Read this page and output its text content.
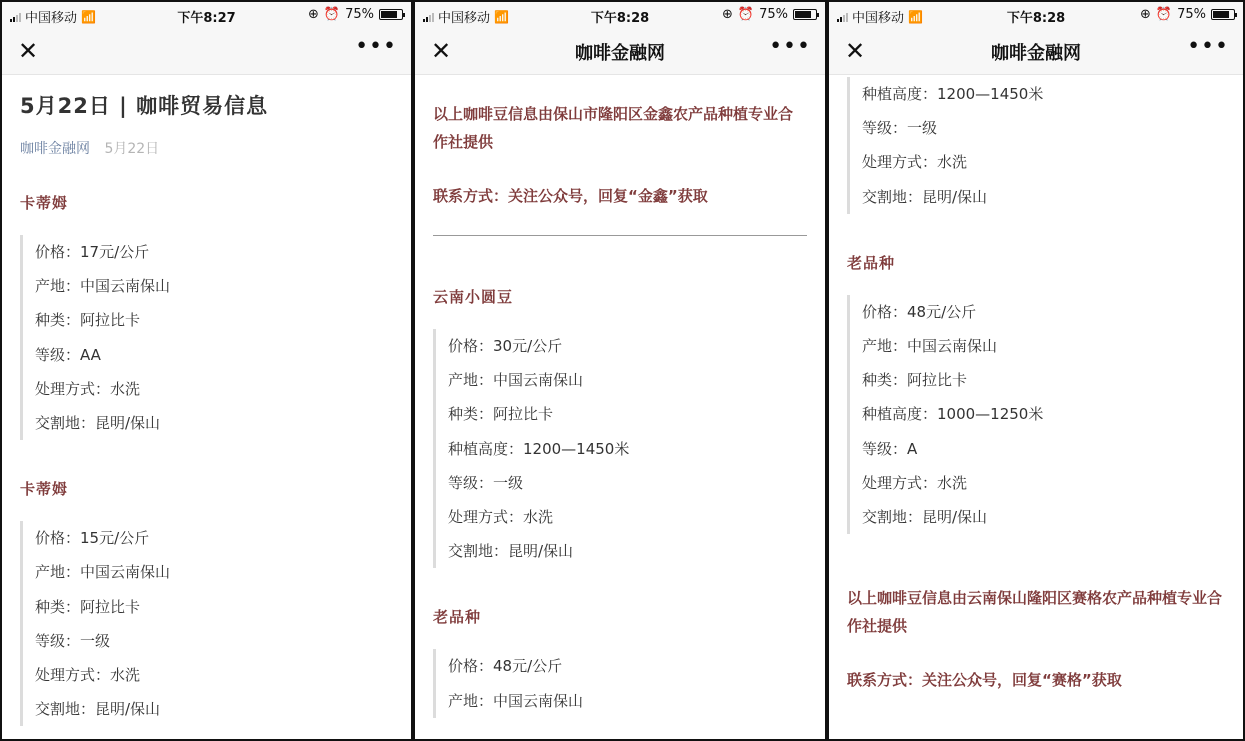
中国移动 📶	下午8:27	⊕ ⏰ 75%
✕	•••
5月22日 | 咖啡贸易信息
咖啡金融网 5月22日
卡蒂姆
价格：17元/公斤
产地：中国云南保山
种类：阿拉比卡
等级：AA
处理方式：水洗
交割地：昆明/保山
卡蒂姆
价格：15元/公斤
产地：中国云南保山
种类：阿拉比卡
等级：一级
处理方式：水洗
交割地：昆明/保山
中国移动 📶	下午8:28	⊕ ⏰ 75%
✕	咖啡金融网	•••
以上咖啡豆信息由保山市隆阳区金鑫农产品种植专业合作社提供
联系方式：关注公众号，回复“金鑫”获取
云南小圆豆
价格：30元/公斤
产地：中国云南保山
种类：阿拉比卡
种植高度：1200—1450米
等级：一级
处理方式：水洗
交割地：昆明/保山
老品种
价格：48元/公斤
产地：中国云南保山
中国移动 📶	下午8:28	⊕ ⏰ 75%
✕	咖啡金融网	•••
种植高度：1200—1450米
等级：一级
处理方式：水洗
交割地：昆明/保山
老品种
价格：48元/公斤
产地：中国云南保山
种类：阿拉比卡
种植高度：1000—1250米
等级：A
处理方式：水洗
交割地：昆明/保山
以上咖啡豆信息由云南保山隆阳区赛格农产品种植专业合作社提供
联系方式：关注公众号，回复“赛格”获取
